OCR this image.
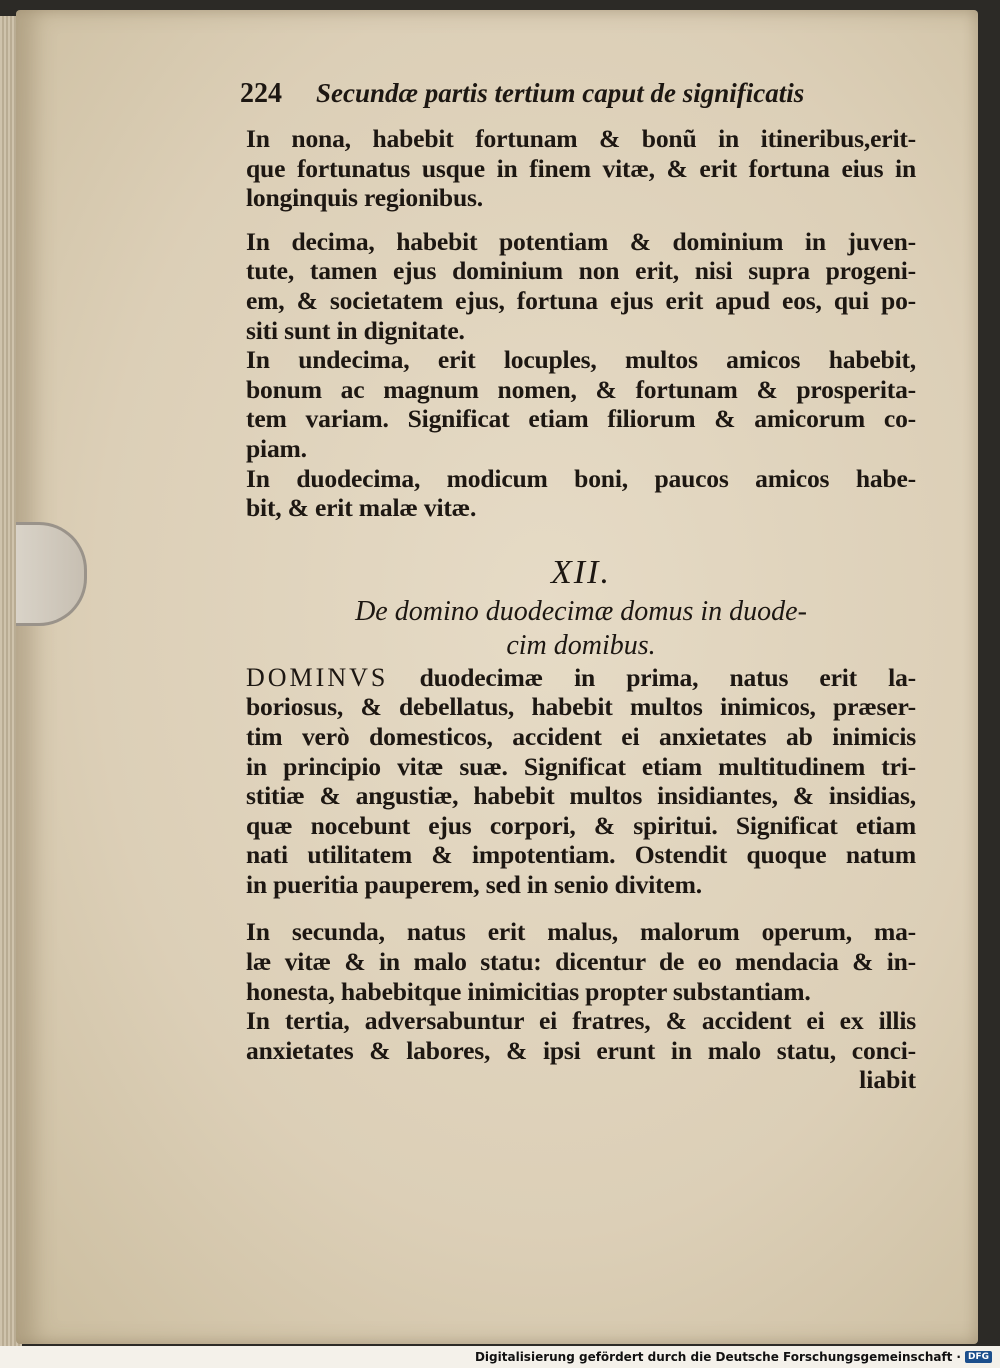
224 Secundæ partis tertium caput de significatis
In nona, habebit fortunam & bonũ in itineribus,erit-
que fortunatus usque in finem vitæ, & erit fortuna eius in
longinquis regionibus.
In decima, habebit potentiam & dominium in juven-
tute, tamen ejus dominium non erit, nisi supra progeni-
em, & societatem ejus, fortuna ejus erit apud eos, qui po-
siti sunt in dignitate.
In undecima, erit locuples, multos amicos habebit,
bonum ac magnum nomen, & fortunam & prosperita-
tem variam. Significat etiam filiorum & amicorum co-
piam.
In duodecima, modicum boni, paucos amicos habe-
bit, & erit malæ vitæ.
XII.
De domino duodecimæ domus in duode-
cim domibus.
DOMINVS duodecimæ in prima, natus erit la-
boriosus, & debellatus, habebit multos inimicos, præser-
tim verò domesticos, accident ei anxietates ab inimicis
in principio vitæ suæ. Significat etiam multitudinem tri-
stitiæ & angustiæ, habebit multos insidiantes, & insidias,
quæ nocebunt ejus corpori, & spiritui. Significat etiam
nati utilitatem & impotentiam. Ostendit quoque natum
in pueritia pauperem, sed in senio divitem.
In secunda, natus erit malus, malorum operum, ma-
læ vitæ & in malo statu: dicentur de eo mendacia & in-
honesta, habebitque inimicitias propter substantiam.
In tertia, adversabuntur ei fratres, & accident ei ex illis
anxietates & labores, & ipsi erunt in malo statu, conci-
liabit
Digitalisierung gefördert durch die Deutsche Forschungsgemeinschaft · DFG
